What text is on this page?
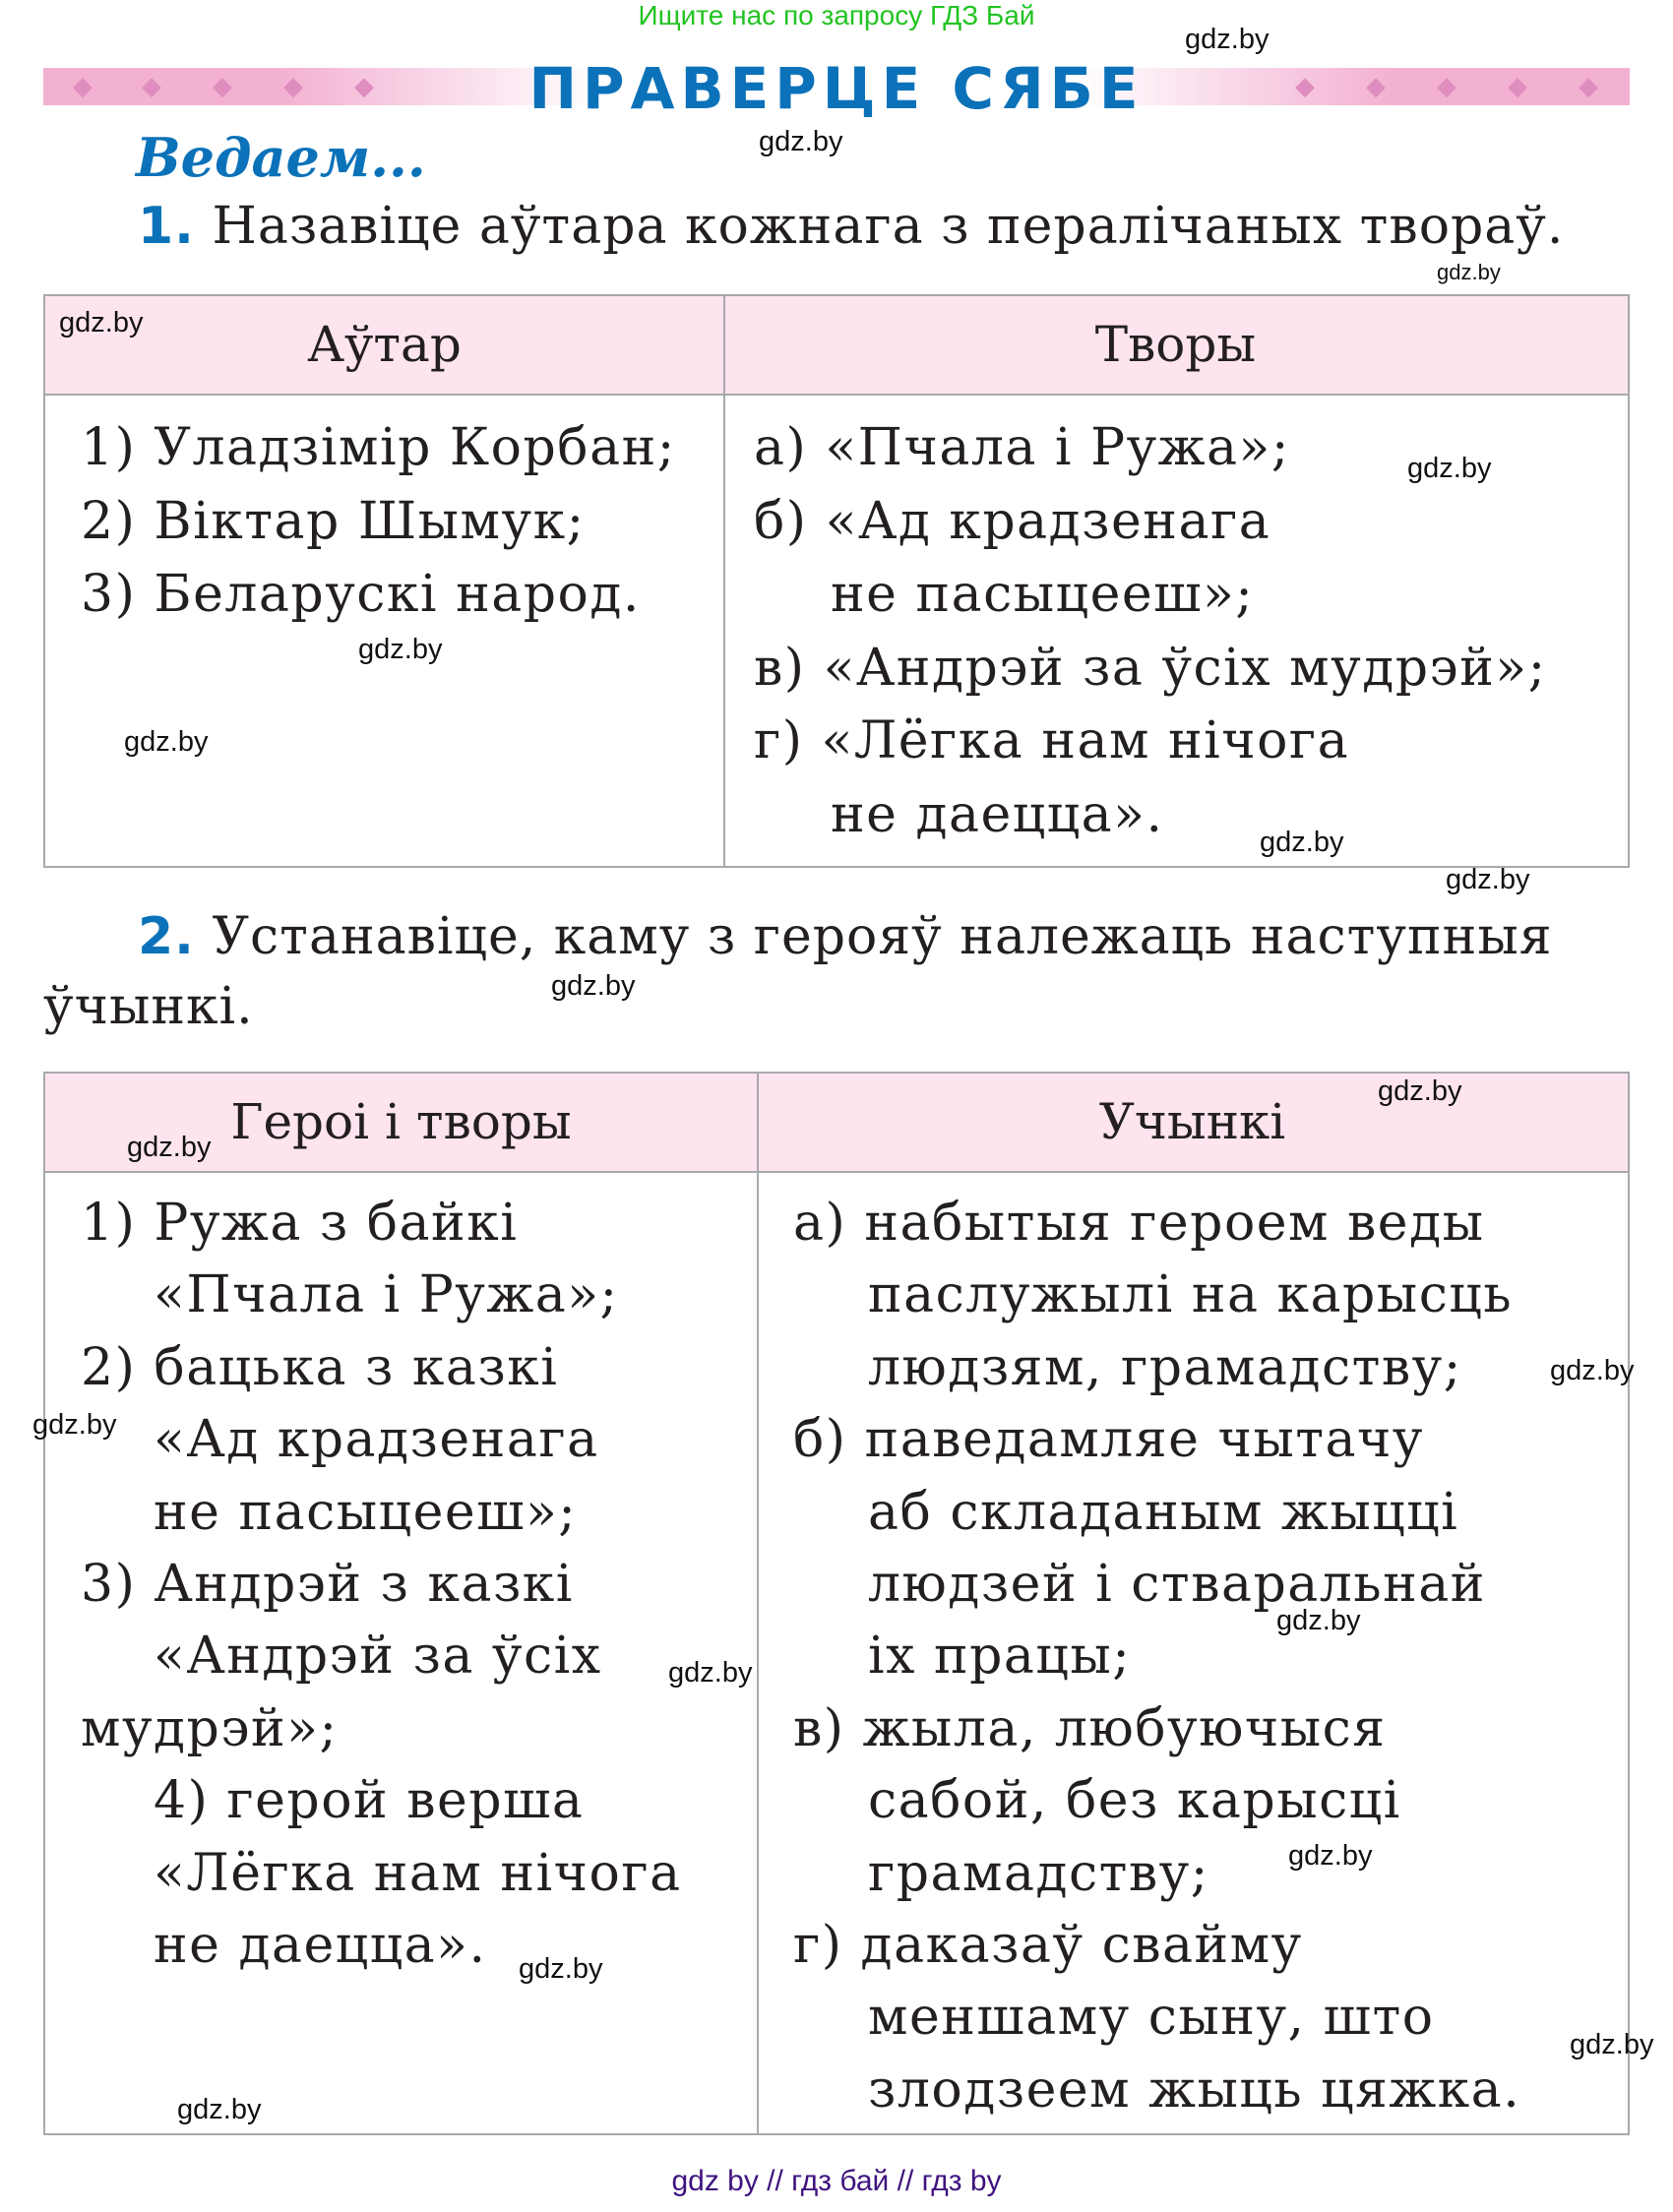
Ищите нас по запросу ГДЗ Бай
◆ ◆ ◆ ◆ ◆	◆ ◆ ◆ ◆ ◆
ПРАВЕРЦЕ СЯБЕ
Ведаем...
1. Назавіце аўтара кожнага з пералічаных твораў.
Аўтар	Творы
1) Уладзімір Корбан;
2) Віктар Шымук;
3) Беларускі народ.
а) «Пчала і Ружа»;
б) «Ад крадзенага
не пасыцееш»;
в) «Андрэй за ўсіх мудрэй»;
г) «Лёгка нам нічога
не даецца».
2. Устанавіце, каму з герояў належаць наступныя
ўчынкі.
Героі і творы	Учынкі
1) Ружа з байкі
«Пчала і Ружа»;
2) бацька з казкі
«Ад крадзенага
не пасыцееш»;
3) Андрэй з казкі
«Андрэй за ўсіх
мудрэй»;
4) герой верша
«Лёгка нам нічога
не даецца».
а) набытыя героем веды
паслужылі на карысць
людзям, грамадству;
б) паведамляе чытачу
аб складаным жыцці
людзей і стваральнай
іх працы;
в) жыла, любуючыся
сабой, без карысці
грамадству;
г) даказаў свайму
меншаму сыну, што
злодзеем жыць цяжка.
gdz.by
gdz.by
gdz.by
gdz.by
gdz.by
gdz.by
gdz.by
gdz.by
gdz.by
gdz.by
gdz.by
gdz.by
gdz.by
gdz.by
gdz.by
gdz.by
gdz.by
gdz.by
gdz.by
gdz.by
gdz by // гдз бай // гдз by
